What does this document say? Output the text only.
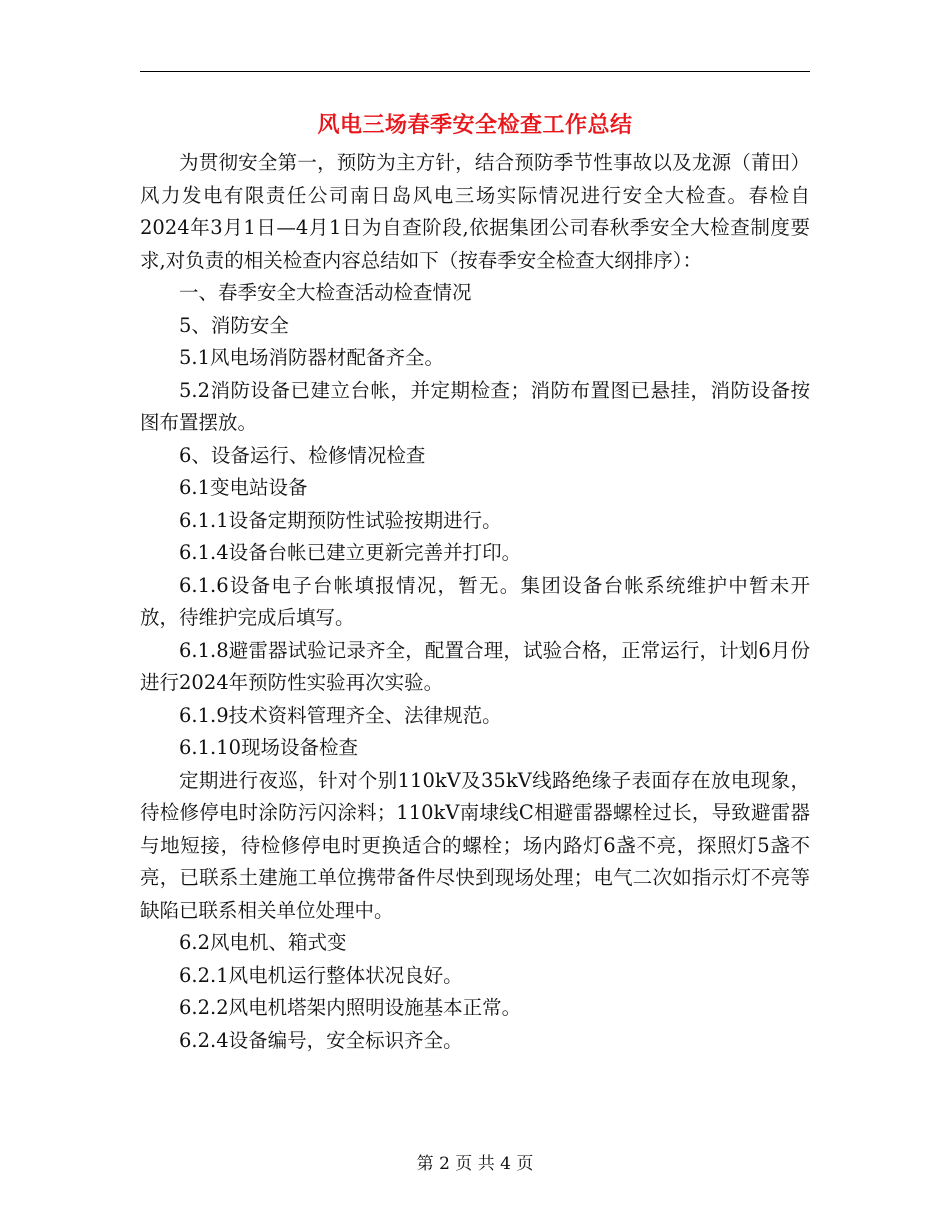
风电三场春季安全检查工作总结

为贯彻安全第一，预防为主方针，结合预防季节性事故以及龙源（莆田）风力发电有限责任公司南日岛风电三场实际情况进行安全大检查。春检自2024年3月1日—4月1日为自查阶段,依据集团公司春秋季安全大检查制度要求,对负责的相关检查内容总结如下（按春季安全检查大纲排序）：

一、春季安全大检查活动检查情况

5、消防安全

5.1风电场消防器材配备齐全。

5.2消防设备已建立台帐，并定期检查；消防布置图已悬挂，消防设备按图布置摆放。

6、设备运行、检修情况检查

6.1变电站设备

6.1.1设备定期预防性试验按期进行。

6.1.4设备台帐已建立更新完善并打印。

6.1.6设备电子台帐填报情况，暂无。集团设备台帐系统维护中暂未开放，待维护完成后填写。

6.1.8避雷器试验记录齐全，配置合理，试验合格，正常运行，计划6月份进行2024年预防性实验再次实验。

6.1.9技术资料管理齐全、法律规范。

6.1.10现场设备检查

定期进行夜巡，针对个别110kV及35kV线路绝缘子表面存在放电现象，待检修停电时涂防污闪涂料；110kV南埭线C相避雷器螺栓过长，导致避雷器与地短接，待检修停电时更换适合的螺栓；场内路灯6盏不亮，探照灯5盏不亮，已联系土建施工单位携带备件尽快到现场处理；电气二次如指示灯不亮等缺陷已联系相关单位处理中。

6.2风电机、箱式变

6.2.1风电机运行整体状况良好。

6.2.2风电机塔架内照明设施基本正常。

6.2.4设备编号，安全标识齐全。

第 2 页 共 4 页
